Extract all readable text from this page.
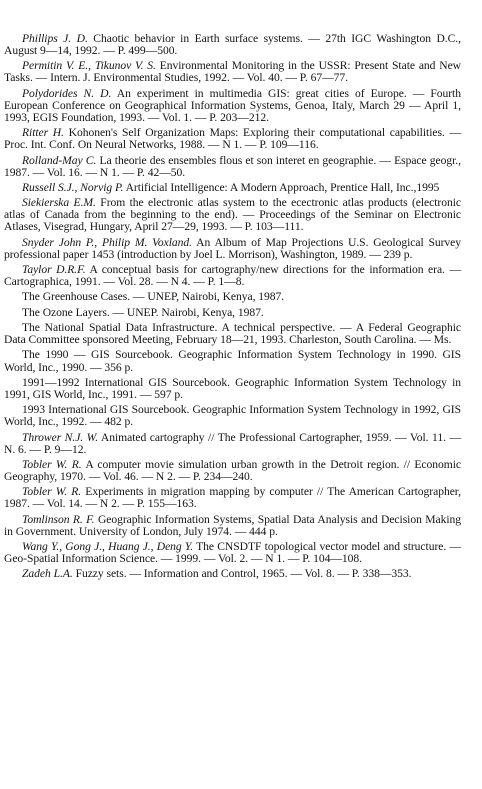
Phillips J. D. Chaotic behavior in Earth surface systems. — 27th IGC Washington D.C., August 9—14, 1992. — P. 499—500.

Permitin V. E., Tikunov V. S. Environmental Monitoring in the USSR: Present State and New Tasks. — Intern. J. Environmental Studies, 1992. — Vol. 40. — P. 67—77.

Polydorides N. D. An experiment in multimedia GIS: great cities of Europe. — Fourth European Conference on Geographical Information Systems, Genoa, Italy, March 29 — April 1, 1993, EGIS Foundation, 1993. — Vol. 1. — P. 203—212.

Ritter H. Kohonen's Self Organization Maps: Exploring their computational capabilities. — Proc. Int. Conf. On Neural Networks, 1988. — N 1. — P. 109—116.

Rolland-May C. La theorie des ensembles flous et son interet en geographie. — Espace geogr., 1987. — Vol. 16. — N 1. — P. 42—50.

Russell S.J., Norvig P. Artificial Intelligence: A Modern Approach, Prentice Hall, Inc.,1995

Siekierska E.M. From the electronic atlas system to the ecectronic atlas products (electronic atlas of Canada from the beginning to the end). — Proceedings of the Seminar on Electronic Atlases, Visegrad, Hungary, April 27—29, 1993. — P. 103—111.

Snyder John P., Philip M. Voxland. An Album of Map Projections U.S. Geological Survey professional paper 1453 (introduction by Joel L. Morrison), Washington, 1989. — 239 p.

Taylor D.R.F. A conceptual basis for cartography/new directions for the information era. — Cartographica, 1991. — Vol. 28. — N 4. — P. 1—8.

The Greenhouse Cases. — UNEP, Nairobi, Kenya, 1987.

The Ozone Layers. — UNEP. Nairobi, Kenya, 1987.

The National Spatial Data Infrastructure. A technical perspective. — A Federal Geographic Data Committee sponsored Meeting, February 18—21, 1993. Charleston, South Carolina. — Ms.

The 1990 — GIS Sourcebook. Geographic Information System Technology in 1990. GIS World, Inc., 1990. — 356 p.

1991—1992 International GIS Sourcebook. Geographic Information System Technology in 1991, GIS World, Inc., 1991. — 597 p.

1993 International GIS Sourcebook. Geographic Information System Technology in 1992, GIS World, Inc., 1992. — 482 p.

Thrower N.J. W. Animated cartography // The Professional Cartographer, 1959. — Vol. 11. — N. 6. — P. 9—12.

Tobler W. R. A computer movie simulation urban growth in the Detroit region. // Economic Geography, 1970. — Vol. 46. — N 2. — P. 234—240.

Tobler W. R. Experiments in migration mapping by computer // The American Cartographer, 1987. — Vol. 14. — N 2. — P. 155—163.

Tomlinson R. F. Geographic Information Systems, Spatial Data Analysis and Decision Making in Government. University of London, July 1974. — 444 p.

Wang Y., Gong J., Huang J., Deng Y. The CNSDTF topological vector model and structure. — Geo-Spatial Information Science. — 1999. — Vol. 2. — N 1. — P. 104—108.

Zadeh L.A. Fuzzy sets. — Information and Control, 1965. — Vol. 8. — P. 338—353.
